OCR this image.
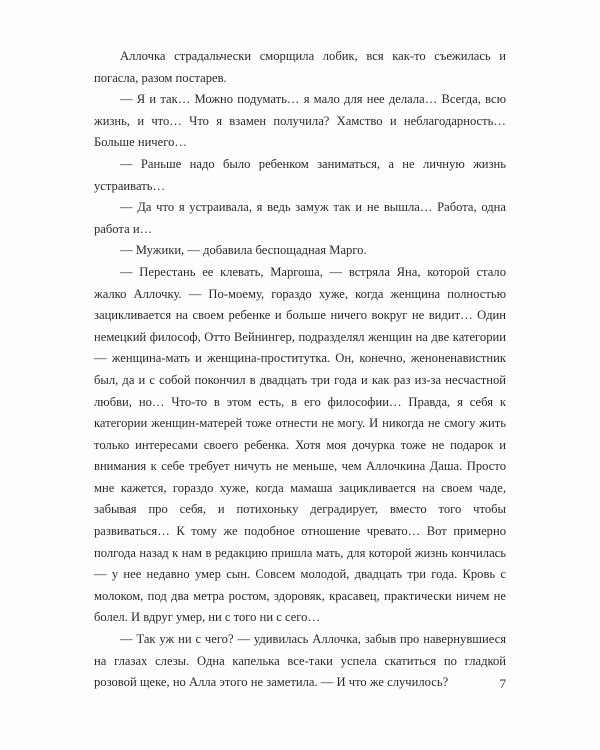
Аллочка страдальчески сморщила лобик, вся как-то съежилась и погасла, разом постарев.

— Я и так… Можно подумать… я мало для нее делала… Всегда, всю жизнь, и что… Что я взамен получила? Хамство и неблагодарность… Больше ничего…

— Раньше надо было ребенком заниматься, а не личную жизнь устраивать…

— Да что я устраивала, я ведь замуж так и не вышла… Работа, одна работа и…

— Мужики, — добавила беспощадная Марго.

— Перестань ее клевать, Маргоша, — встряла Яна, которой стало жалко Аллочку. — По-моему, гораздо хуже, когда женщина полностью зацикливается на своем ребенке и больше ничего вокруг не видит… Один немецкий философ, Отто Вейнингер, подразделял женщин на две категории — женщина-мать и женщина-проститутка. Он, конечно, женоненавистник был, да и с собой покончил в двадцать три года и как раз из-за несчастной любви, но… Что-то в этом есть, в его философии… Правда, я себя к категории женщин-матерей тоже отнести не могу. И никогда не смогу жить только интересами своего ребенка. Хотя моя дочурка тоже не подарок и внимания к себе требует ничуть не меньше, чем Аллочкина Даша. Просто мне кажется, гораздо хуже, когда мамаша зацикливается на своем чаде, забывая про себя, и потихоньку деградирует, вместо того чтобы развиваться… К тому же подобное отношение чревато… Вот примерно полгода назад к нам в редакцию пришла мать, для которой жизнь кончилась — у нее недавно умер сын. Совсем молодой, двадцать три года. Кровь с молоком, под два метра ростом, здоровяк, красавец, практически ничем не болел. И вдруг умер, ни с того ни с сего…

— Так уж ни с чего? — удивилась Аллочка, забыв про навернувшиеся на глазах слезы. Одна капелька все-таки успела скатиться по гладкой розовой щеке, но Алла этого не заметила. — И что же случилось?	7
